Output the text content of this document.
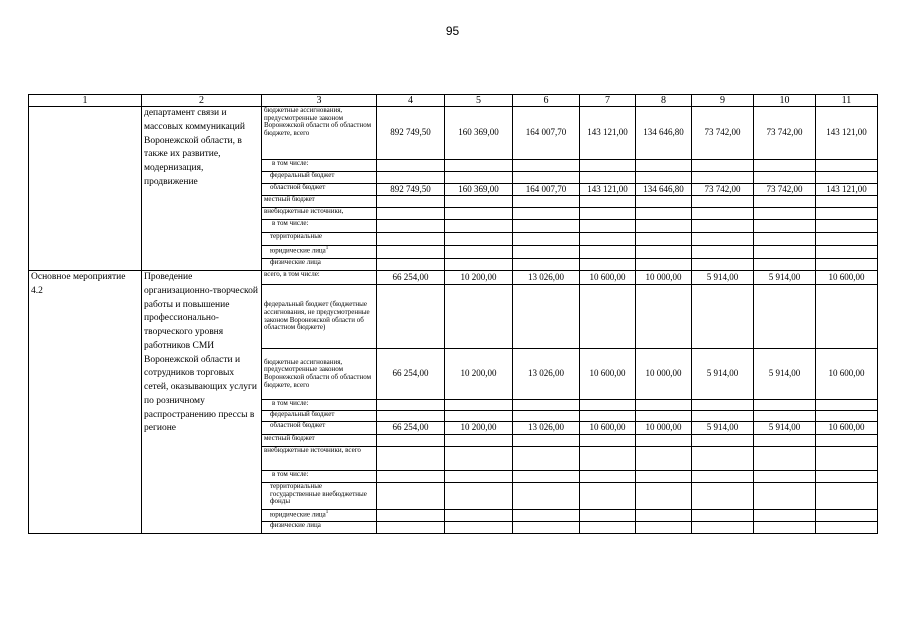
95
1	2	3	4	5	6	7	8	9	10	11
	департамент связи и массовых коммуникаций Воронежской области, в также их развитие, модернизация, продвижение	бюджетные ассигнования, предусмотренные законом Воронежской области об областном бюджете, всего	892 749,50	160 369,00	164 007,70	143 121,00	134 646,80	73 742,00	73 742,00	143 121,00
		в том числе:								
		федеральный бюджет								
		областной бюджет	892 749,50	160 369,00	164 007,70	143 121,00	134 646,80	73 742,00	73 742,00	143 121,00
		местный бюджет								
		внебюджетные источники,								
		в том числе:								
		территориальные								
		юридические лица$^1$								
		физические лица								
Основное мероприятие 4.2	Проведение организационно-творческой работы и повышение профессионально-творческого уровня работников СМИ Воронежской области и сотрудников торговых сетей, оказывающих услуги по розничному распространению прессы в регионе	всего, в том числе:	66 254,00	10 200,00	13 026,00	10 600,00	10 000,00	5 914,00	5 914,00	10 600,00
		федеральный бюджет (бюджетные ассигнования, не предусмотренные законом Воронежской области об областном бюджете)								
		бюджетные ассигнования, предусмотренные законом Воронежской области об областном бюджете, всего	66 254,00	10 200,00	13 026,00	10 600,00	10 000,00	5 914,00	5 914,00	10 600,00
		в том числе:								
		федеральный бюджет								
		областной бюджет	66 254,00	10 200,00	13 026,00	10 600,00	10 000,00	5 914,00	5 914,00	10 600,00
		местный бюджет								
		внебюджетные источники, всего								
		в том числе:								
		территориальные государственные внебюджетные фонды								
		юридические лица$^1$								
		физические лица								
